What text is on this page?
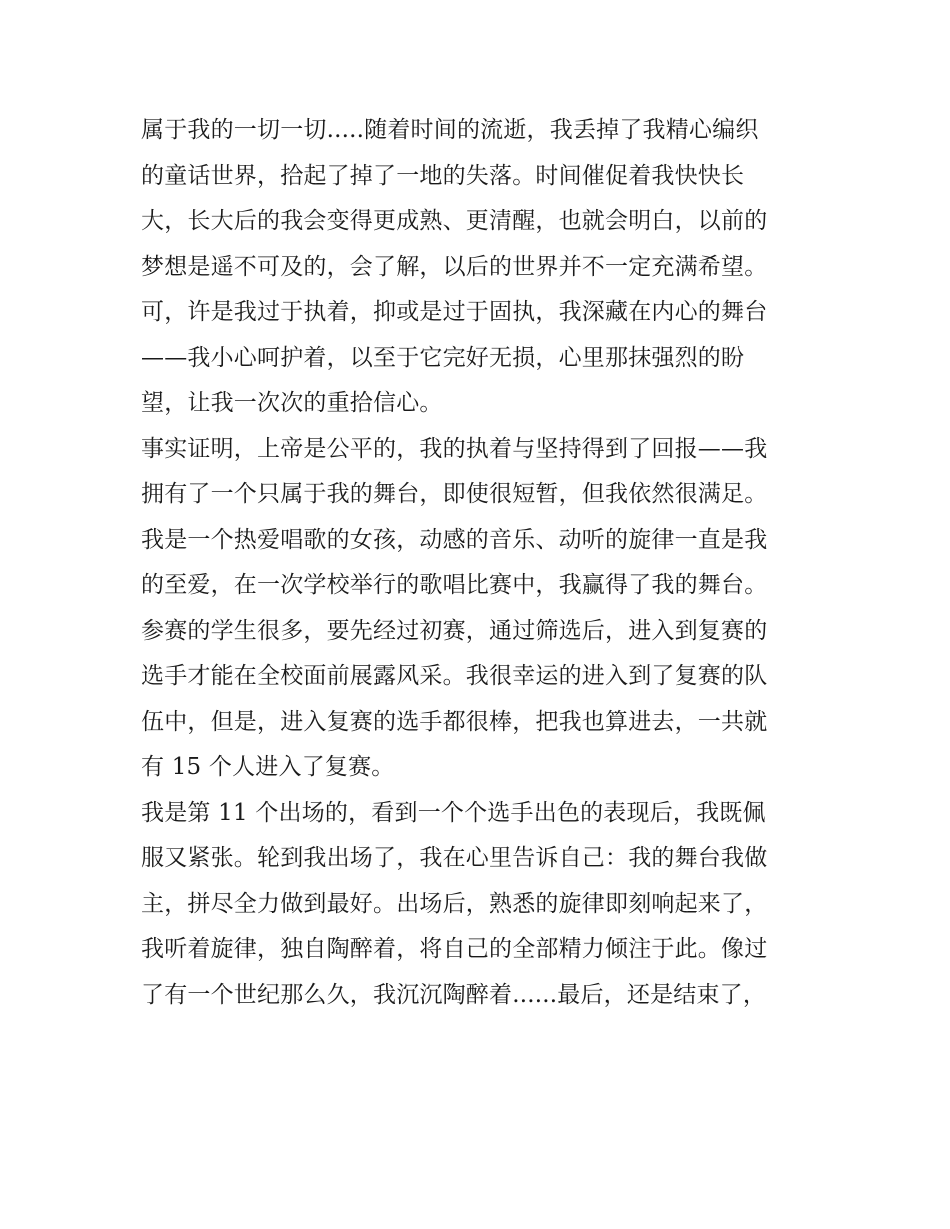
属于我的一切一切.....随着时间的流逝，我丢掉了我精心编织
的童话世界，拾起了掉了一地的失落。时间催促着我快快长
大，长大后的我会变得更成熟、更清醒，也就会明白，以前的
梦想是遥不可及的，会了解，以后的世界并不一定充满希望。
可，许是我过于执着，抑或是过于固执，我深藏在内心的舞台
——我小心呵护着，以至于它完好无损，心里那抹强烈的盼
望，让我一次次的重拾信心。
事实证明，上帝是公平的，我的执着与坚持得到了回报——我
拥有了一个只属于我的舞台，即使很短暂，但我依然很满足。
我是一个热爱唱歌的女孩，动感的音乐、动听的旋律一直是我
的至爱，在一次学校举行的歌唱比赛中，我赢得了我的舞台。
参赛的学生很多，要先经过初赛，通过筛选后，进入到复赛的
选手才能在全校面前展露风采。我很幸运的进入到了复赛的队
伍中，但是，进入复赛的选手都很棒，把我也算进去，一共就
有 15 个人进入了复赛。
我是第 11 个出场的，看到一个个选手出色的表现后，我既佩
服又紧张。轮到我出场了，我在心里告诉自己：我的舞台我做
主，拼尽全力做到最好。出场后，熟悉的旋律即刻响起来了，
我听着旋律，独自陶醉着，将自己的全部精力倾注于此。像过
了有一个世纪那么久，我沉沉陶醉着......最后，还是结束了，
